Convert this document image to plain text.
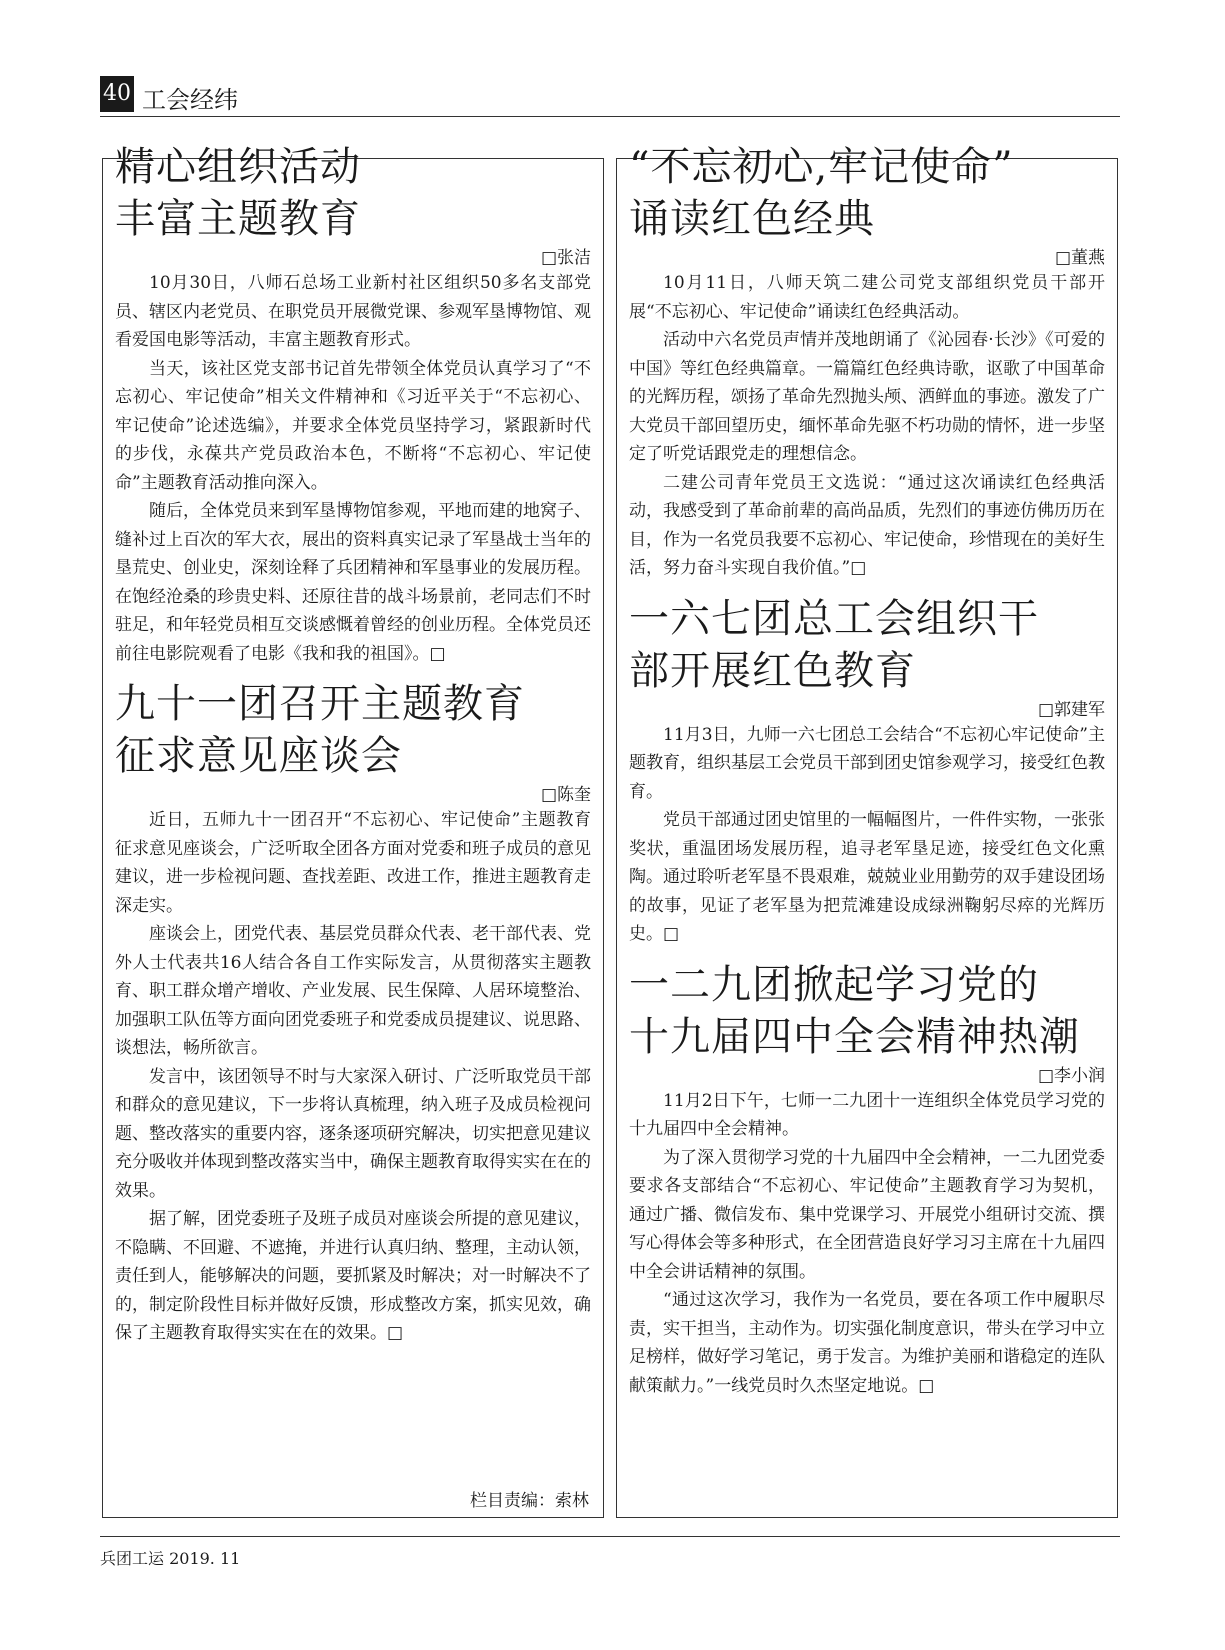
40 工会经纬
精心组织活动
丰富主题教育
□张洁

10月30日，八师石总场工业新村社区组织50多名支部党员、辖区内老党员、在职党员开展微党课、参观军垦博物馆、观看爱国电影等活动，丰富主题教育形式。

当天，该社区党支部书记首先带领全体党员认真学习了“不忘初心、牢记使命”相关文件精神和《习近平关于“不忘初心、牢记使命”论述选编》，并要求全体党员坚持学习，紧跟新时代的步伐，永葆共产党员政治本色，不断将“不忘初心、牢记使命”主题教育活动推向深入。

随后，全体党员来到军垦博物馆参观，平地而建的地窝子、缝补过上百次的军大衣，展出的资料真实记录了军垦战士当年的垦荒史、创业史，深刻诠释了兵团精神和军垦事业的发展历程。在饱经沧桑的珍贵史料、还原往昔的战斗场景前，老同志们不时驻足，和年轻党员相互交谈感慨着曾经的创业历程。全体党员还前往电影院观看了电影《我和我的祖国》。□

九十一团召开主题教育
征求意见座谈会
□陈奎

近日，五师九十一团召开“不忘初心、牢记使命”主题教育征求意见座谈会，广泛听取全团各方面对党委和班子成员的意见建议，进一步检视问题、查找差距、改进工作，推进主题教育走深走实。

座谈会上，团党代表、基层党员群众代表、老干部代表、党外人士代表共16人结合各自工作实际发言，从贯彻落实主题教育、职工群众增产增收、产业发展、民生保障、人居环境整治、加强职工队伍等方面向团党委班子和党委成员提建议、说思路、谈想法，畅所欲言。

发言中，该团领导不时与大家深入研讨、广泛听取党员干部和群众的意见建议，下一步将认真梳理，纳入班子及成员检视问题、整改落实的重要内容，逐条逐项研究解决，切实把意见建议充分吸收并体现到整改落实当中，确保主题教育取得实实在在的效果。

据了解，团党委班子及班子成员对座谈会所提的意见建议，不隐瞒、不回避、不遮掩，并进行认真归纳、整理，主动认领，责任到人，能够解决的问题，要抓紧及时解决；对一时解决不了的，制定阶段性目标并做好反馈，形成整改方案，抓实见效，确保了主题教育取得实实在在的效果。□

栏目责编：索林
“不忘初心,牢记使命”
诵读红色经典
□董燕

10月11日，八师天筑二建公司党支部组织党员干部开展“不忘初心、牢记使命”诵读红色经典活动。

活动中六名党员声情并茂地朗诵了《沁园春·长沙》《可爱的中国》等红色经典篇章。一篇篇红色经典诗歌，讴歌了中国革命的光辉历程，颂扬了革命先烈抛头颅、洒鲜血的事迹。激发了广大党员干部回望历史，缅怀革命先驱不朽功勋的情怀，进一步坚定了听党话跟党走的理想信念。

二建公司青年党员王文选说：“通过这次诵读红色经典活动，我感受到了革命前辈的高尚品质，先烈们的事迹仿佛历历在目，作为一名党员我要不忘初心、牢记使命，珍惜现在的美好生活，努力奋斗实现自我价值。”□

一六七团总工会组织干
部开展红色教育
□郭建军

11月3日，九师一六七团总工会结合“不忘初心牢记使命”主题教育，组织基层工会党员干部到团史馆参观学习，接受红色教育。

党员干部通过团史馆里的一幅幅图片，一件件实物，一张张奖状，重温团场发展历程，追寻老军垦足迹，接受红色文化熏陶。通过聆听老军垦不畏艰难，兢兢业业用勤劳的双手建设团场的故事，见证了老军垦为把荒滩建设成绿洲鞠躬尽瘁的光辉历史。□

一二九团掀起学习党的
十九届四中全会精神热潮
□李小润

11月2日下午，七师一二九团十一连组织全体党员学习党的十九届四中全会精神。

为了深入贯彻学习党的十九届四中全会精神，一二九团党委要求各支部结合“不忘初心、牢记使命”主题教育学习为契机，通过广播、微信发布、集中党课学习、开展党小组研讨交流、撰写心得体会等多种形式，在全团营造良好学习习主席在十九届四中全会讲话精神的氛围。

“通过这次学习，我作为一名党员，要在各项工作中履职尽责，实干担当，主动作为。切实强化制度意识，带头在学习中立足榜样，做好学习笔记，勇于发言。为维护美丽和谐稳定的连队献策献力。”一线党员时久杰坚定地说。□

兵团工运 2019. 11
